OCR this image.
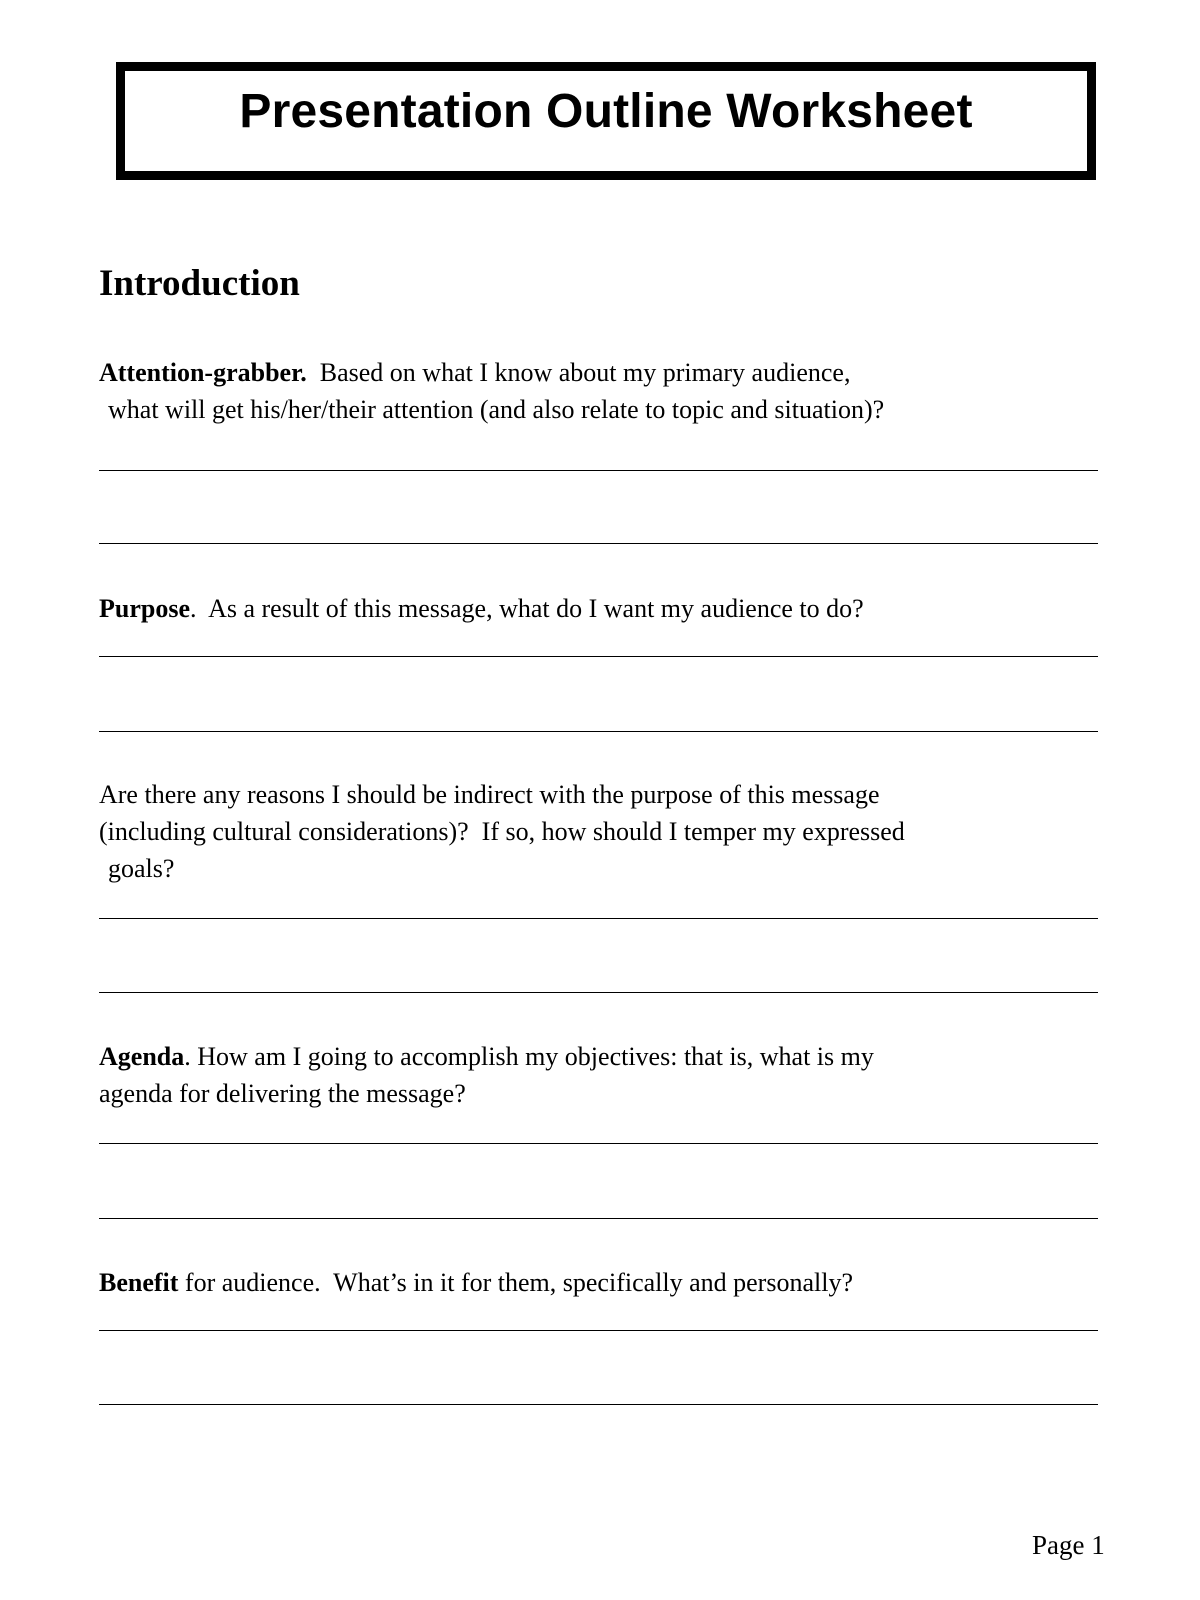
Presentation Outline Worksheet
Introduction

Attention-grabber.  Based on what I know about my primary audience,
what will get his/her/their attention (and also relate to topic and situation)?

Purpose.  As a result of this message, what do I want my audience to do?

Are there any reasons I should be indirect with the purpose of this message
(including cultural considerations)?  If so, how should I temper my expressed
goals?

Agenda. How am I going to accomplish my objectives: that is, what is my
agenda for delivering the message?

Benefit for audience.  What’s in it for them, specifically and personally?

Page 1
